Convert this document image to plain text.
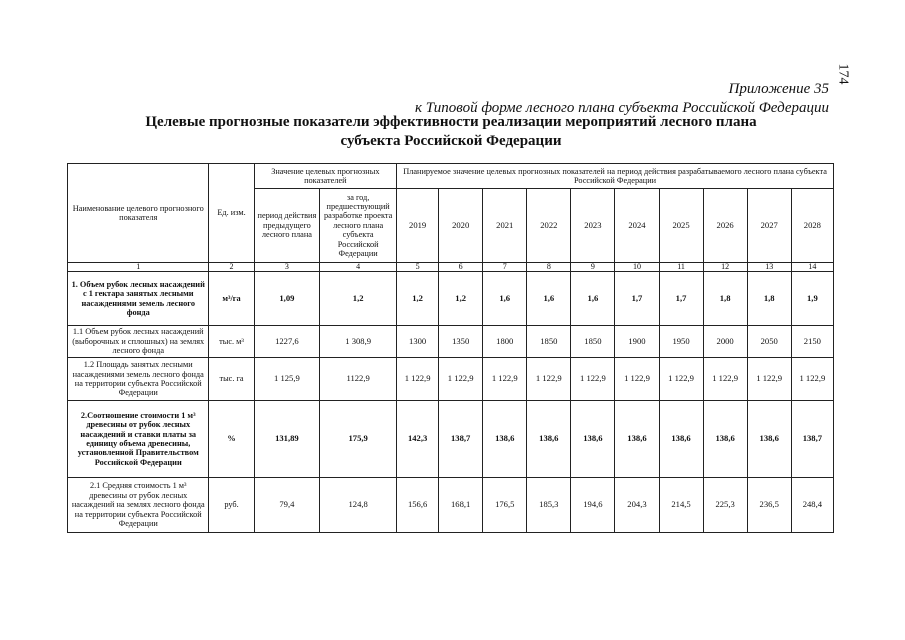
174
Приложение 35
к Типовой форме лесного плана субъекта Российской Федерации
Целевые прогнозные показатели эффективности реализации мероприятий лесного плана
субъекта Российской Федерации
Наименование целевого прогнозного показателя	Ед. изм.	Значение целевых прогнозных показателей		Планируемое значение целевых прогнозных показателей на период действия разрабатываемого лесного плана субъекта Российской Федерации									
		период действия предыдущего лесного плана	за год, предшествующий разработке проекта лесного плана субъекта Российской Федерации	2019	2020	2021	2022	2023	2024	2025	2026	2027	2028
1	2	3	4	5	6	7	8	9	10	11	12	13	14
1. Объем рубок лесных насаждений с 1 гектара занятых лесными насаждениями земель лесного фонда	м³/га	1,09	1,2	1,2	1,2	1,6	1,6	1,6	1,7	1,7	1,8	1,8	1,9
1.1 Объем рубок лесных насаждений (выборочных и сплошных) на землях лесного фонда	тыс. м³	1227,6	1 308,9	1300	1350	1800	1850	1850	1900	1950	2000	2050	2150
1.2 Площадь занятых лесными насаждениями земель лесного фонда на территории субъекта Российской Федерации	тыс. га	1 125,9	1122,9	1 122,9	1 122,9	1 122,9	1 122,9	1 122,9	1 122,9	1 122,9	1 122,9	1 122,9	1 122,9
2.Соотношение стоимости 1 м³ древесины от рубок лесных насаждений и ставки платы за единицу объема древесины, установленной Правительством Российской Федерации	%	131,89	175,9	142,3	138,7	138,6	138,6	138,6	138,6	138,6	138,6	138,6	138,7
2.1 Средняя стоимость 1 м³ древесины от рубок лесных насаждений на землях лесного фонда на территории субъекта Российской Федерации	руб.	79,4	124,8	156,6	168,1	176,5	185,3	194,6	204,3	214,5	225,3	236,5	248,4
